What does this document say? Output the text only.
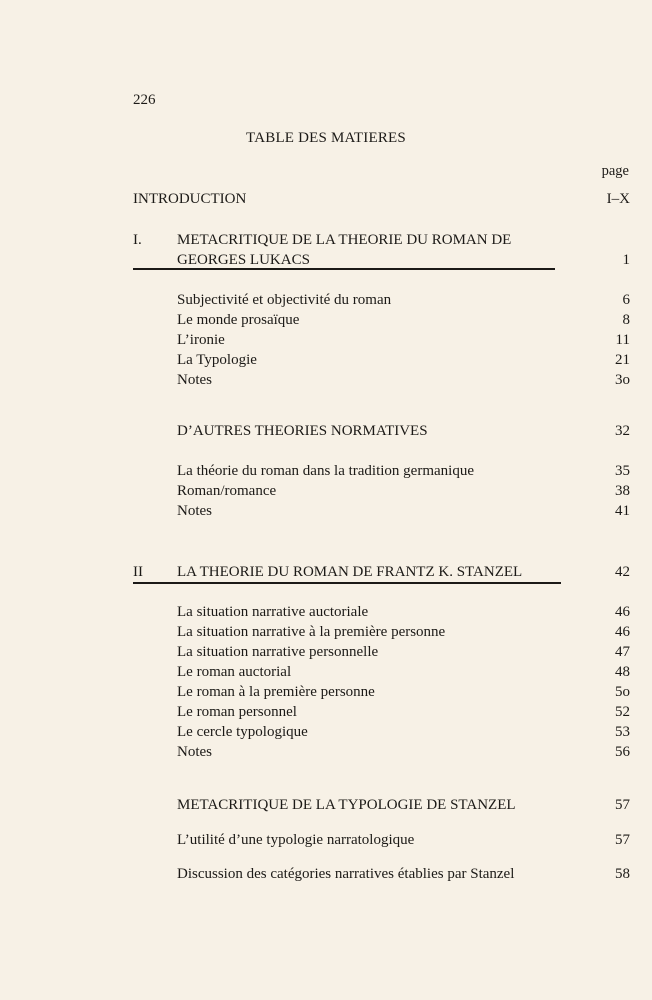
226
TABLE DES MATIERES
page
INTRODUCTION	I–X
I. METACRITIQUE DE LA THEORIE DU ROMAN DE
GEORGES LUKACS	1
Subjectivité et objectivité du roman	6
Le monde prosaïque	8
L’ironie	11
La Typologie	21
Notes	3o
D’AUTRES THEORIES NORMATIVES	32
La théorie du roman dans la tradition germanique	35
Roman/romance	38
Notes	41
II LA THEORIE DU ROMAN DE FRANTZ K. STANZEL	42
La situation narrative auctoriale	46
La situation narrative à la première personne	46
La situation narrative personnelle	47
Le roman auctorial	48
Le roman à la première personne	5o
Le roman personnel	52
Le cercle typologique	53
Notes	56
METACRITIQUE DE LA TYPOLOGIE DE STANZEL	57
L’utilité d’une typologie narratologique	57
Discussion des catégories narratives établies par Stanzel	58
